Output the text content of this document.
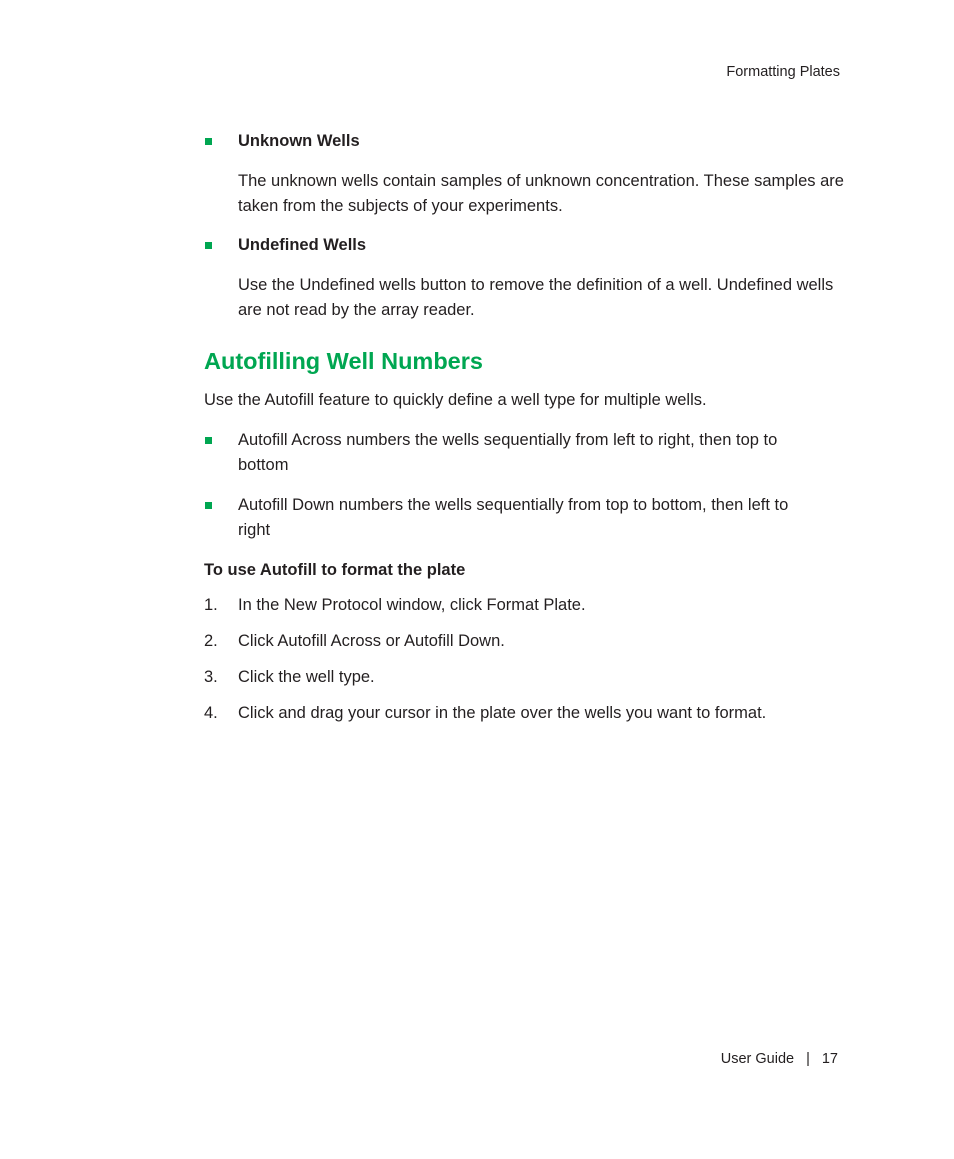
Formatting Plates
Unknown Wells
The unknown wells contain samples of unknown concentration. These samples are taken from the subjects of your experiments.
Undefined Wells
Use the Undefined wells button to remove the definition of a well. Undefined wells are not read by the array reader.
Autofilling Well Numbers
Use the Autofill feature to quickly define a well type for multiple wells.
Autofill Across numbers the wells sequentially from left to right, then top to bottom
Autofill Down numbers the wells sequentially from top to bottom, then left to right
To use Autofill to format the plate
1.	In the New Protocol window, click Format Plate.
2.	Click Autofill Across or Autofill Down.
3.	Click the well type.
4.	Click and drag your cursor in the plate over the wells you want to format.
User Guide | 17
